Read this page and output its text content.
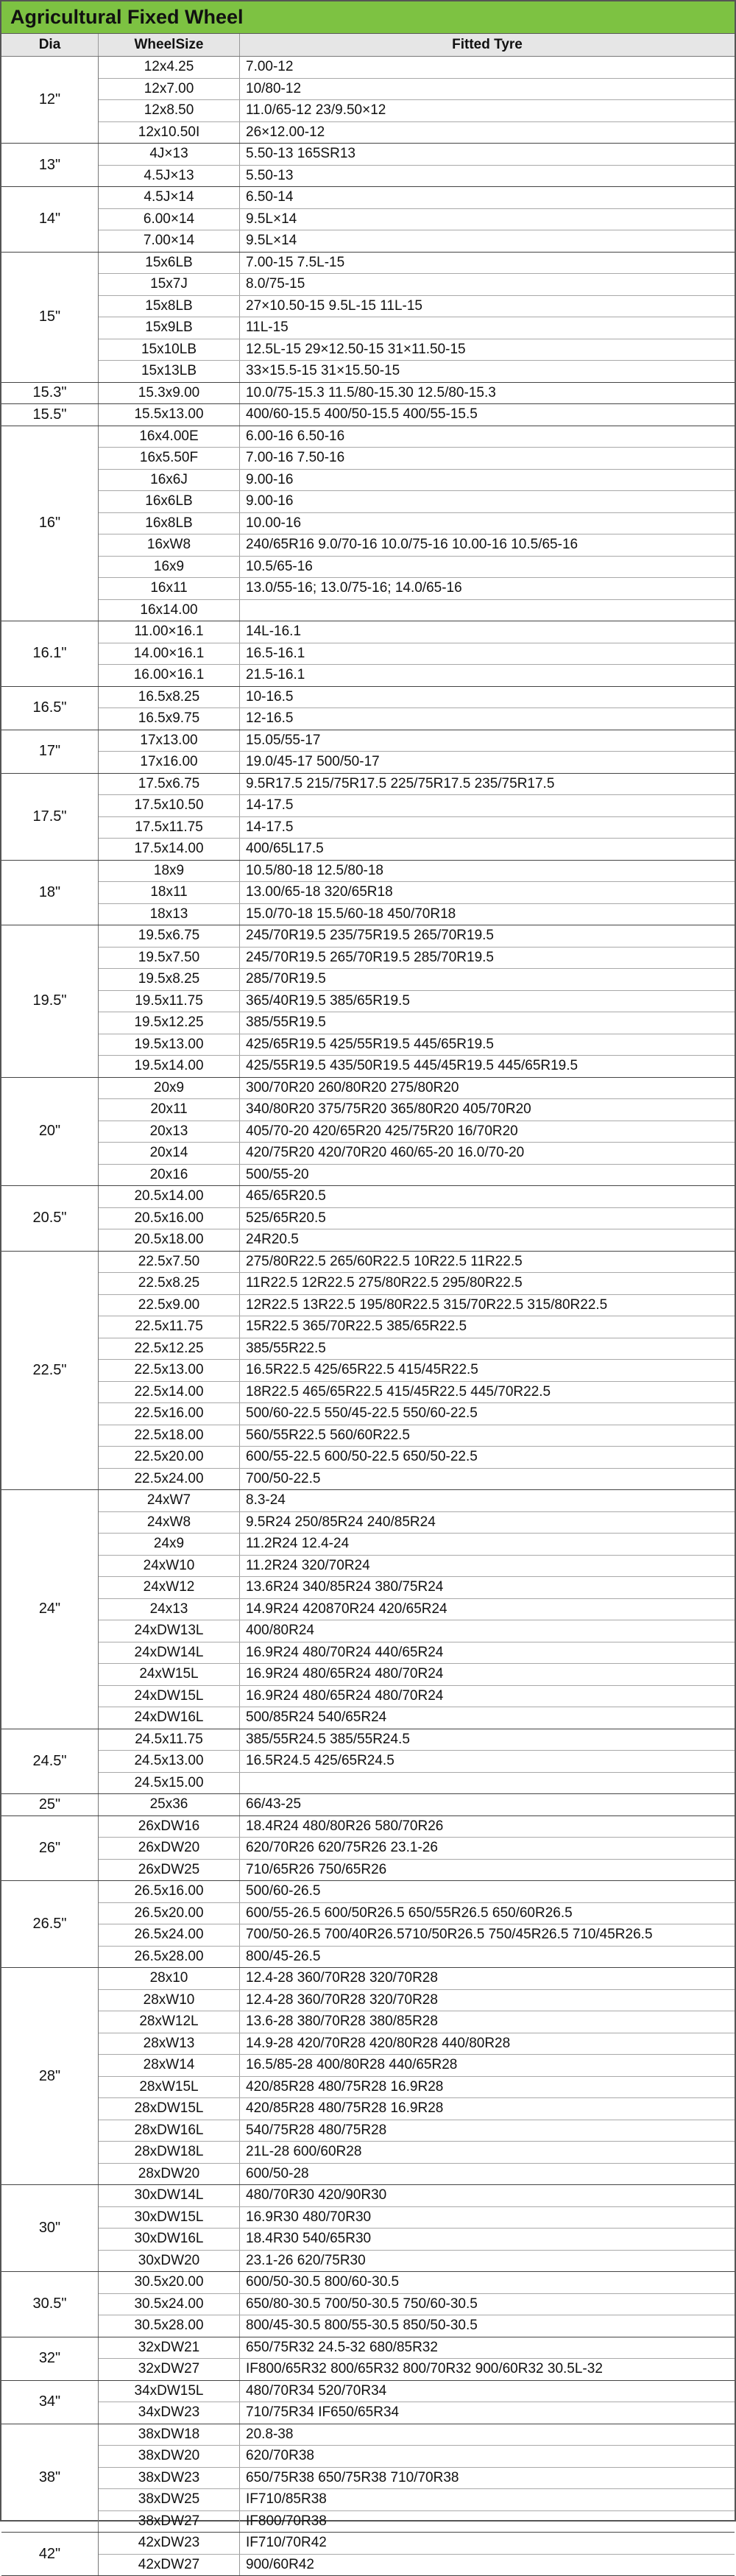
Agricultural Fixed Wheel
Dia	WheelSize	Fitted Tyre
12"
12x4.25	7.00-12
12x7.00	10/80-12
12x8.50	11.0/65-12 23/9.50×12
12x10.50I	26×12.00-12
13"
4J×13	5.50-13 165SR13
4.5J×13	5.50-13
14"
4.5J×14	6.50-14
6.00×14	9.5L×14
7.00×14	9.5L×14
15"
15x6LB	7.00-15 7.5L-15
15x7J	8.0/75-15
15x8LB	27×10.50-15 9.5L-15 11L-15
15x9LB	11L-15
15x10LB	12.5L-15 29×12.50-15 31×11.50-15
15x13LB	33×15.5-15 31×15.50-15
15.3"	15.3x9.00	10.0/75-15.3 11.5/80-15.30 12.5/80-15.3
15.5"	15.5x13.00	400/60-15.5 400/50-15.5 400/55-15.5
16"
16x4.00E	6.00-16 6.50-16
16x5.50F	7.00-16 7.50-16
16x6J	9.00-16
16x6LB	9.00-16
16x8LB	10.00-16
16xW8	240/65R16 9.0/70-16 10.0/75-16 10.00-16 10.5/65-16
16x9	10.5/65-16
16x11	13.0/55-16; 13.0/75-16; 14.0/65-16
16x14.00
16.1"
11.00×16.1	14L-16.1
14.00×16.1	16.5-16.1
16.00×16.1	21.5-16.1
16.5"
16.5x8.25	10-16.5
16.5x9.75	12-16.5
17"
17x13.00	15.05/55-17
17x16.00	19.0/45-17 500/50-17
17.5"
17.5x6.75	9.5R17.5 215/75R17.5 225/75R17.5 235/75R17.5
17.5x10.50	14-17.5
17.5x11.75	14-17.5
17.5x14.00	400/65L17.5
18"
18x9	10.5/80-18 12.5/80-18
18x11	13.00/65-18 320/65R18
18x13	15.0/70-18 15.5/60-18 450/70R18
19.5"
19.5x6.75	245/70R19.5 235/75R19.5 265/70R19.5
19.5x7.50	245/70R19.5 265/70R19.5 285/70R19.5
19.5x8.25	285/70R19.5
19.5x11.75	365/40R19.5 385/65R19.5
19.5x12.25	385/55R19.5
19.5x13.00	425/65R19.5 425/55R19.5 445/65R19.5
19.5x14.00	425/55R19.5 435/50R19.5 445/45R19.5 445/65R19.5
20"
20x9	300/70R20 260/80R20 275/80R20
20x11	340/80R20 375/75R20 365/80R20 405/70R20
20x13	405/70-20 420/65R20 425/75R20 16/70R20
20x14	420/75R20 420/70R20 460/65-20 16.0/70-20
20x16	500/55-20
20.5"
20.5x14.00	465/65R20.5
20.5x16.00	525/65R20.5
20.5x18.00	24R20.5
22.5"
22.5x7.50	275/80R22.5 265/60R22.5 10R22.5 11R22.5
22.5x8.25	11R22.5 12R22.5 275/80R22.5 295/80R22.5
22.5x9.00	12R22.5 13R22.5 195/80R22.5 315/70R22.5 315/80R22.5
22.5x11.75	15R22.5 365/70R22.5 385/65R22.5
22.5x12.25	385/55R22.5
22.5x13.00	16.5R22.5 425/65R22.5 415/45R22.5
22.5x14.00	18R22.5 465/65R22.5 415/45R22.5 445/70R22.5
22.5x16.00	500/60-22.5 550/45-22.5 550/60-22.5
22.5x18.00	560/55R22.5 560/60R22.5
22.5x20.00	600/55-22.5 600/50-22.5 650/50-22.5
22.5x24.00	700/50-22.5
24"
24xW7	8.3-24
24xW8	9.5R24 250/85R24 240/85R24
24x9	11.2R24 12.4-24
24xW10	11.2R24 320/70R24
24xW12	13.6R24 340/85R24 380/75R24
24x13	14.9R24 420870R24 420/65R24
24xDW13L	400/80R24
24xDW14L	16.9R24 480/70R24 440/65R24
24xW15L	16.9R24 480/65R24 480/70R24
24xDW15L	16.9R24 480/65R24 480/70R24
24xDW16L	500/85R24 540/65R24
24.5"
24.5x11.75	385/55R24.5 385/55R24.5
24.5x13.00	16.5R24.5 425/65R24.5
24.5x15.00
25"	25x36	66/43-25
26"
26xDW16	18.4R24 480/80R26 580/70R26
26xDW20	620/70R26 620/75R26 23.1-26
26xDW25	710/65R26 750/65R26
26.5"
26.5x16.00	500/60-26.5
26.5x20.00	600/55-26.5 600/50R26.5 650/55R26.5 650/60R26.5
26.5x24.00	700/50-26.5 700/40R26.5710/50R26.5 750/45R26.5 710/45R26.5
26.5x28.00	800/45-26.5
28"
28x10	12.4-28 360/70R28 320/70R28
28xW10	12.4-28 360/70R28 320/70R28
28xW12L	13.6-28 380/70R28 380/85R28
28xW13	14.9-28 420/70R28 420/80R28 440/80R28
28xW14	16.5/85-28 400/80R28 440/65R28
28xW15L	420/85R28 480/75R28 16.9R28
28xDW15L	420/85R28 480/75R28 16.9R28
28xDW16L	540/75R28 480/75R28
28xDW18L	21L-28 600/60R28
28xDW20	600/50-28
30"
30xDW14L	480/70R30 420/90R30
30xDW15L	16.9R30 480/70R30
30xDW16L	18.4R30 540/65R30
30xDW20	23.1-26 620/75R30
30.5"
30.5x20.00	600/50-30.5 800/60-30.5
30.5x24.00	650/80-30.5 700/50-30.5 750/60-30.5
30.5x28.00	800/45-30.5 800/55-30.5 850/50-30.5
32"
32xDW21	650/75R32 24.5-32 680/85R32
32xDW27	IF800/65R32 800/65R32 800/70R32 900/60R32 30.5L-32
34"
34xDW15L	480/70R34 520/70R34
34xDW23	710/75R34 IF650/65R34
38"
38xDW18	20.8-38
38xDW20	620/70R38
38xDW23	650/75R38 650/75R38 710/70R38
38xDW25	IF710/85R38
38xDW27	IF800/70R38
42"
42xDW23	IF710/70R42
42xDW27	900/60R42
